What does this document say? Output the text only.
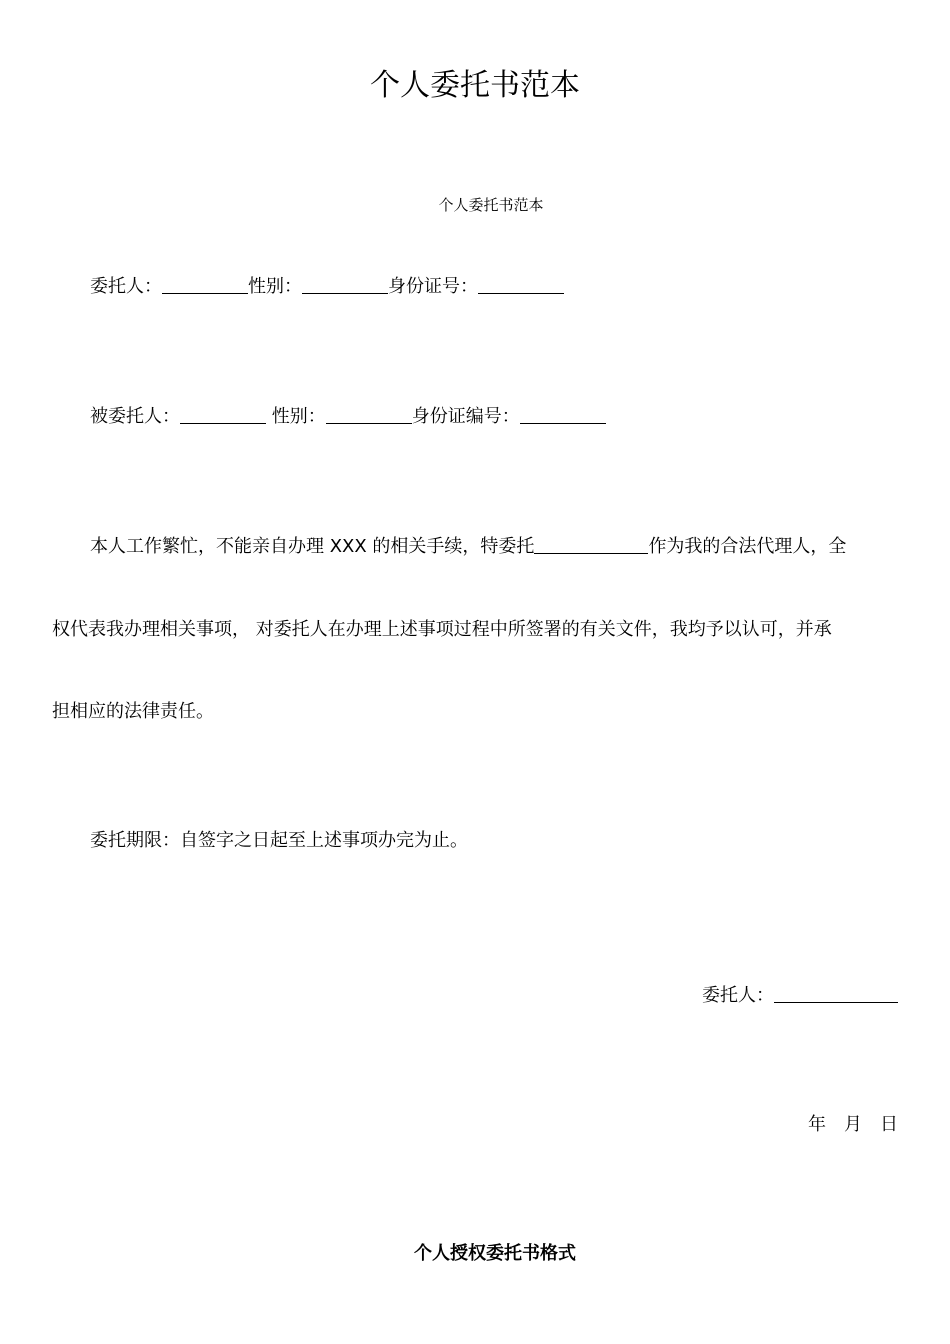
个人委托书范本
个人委托书范本
委托人：	性别：	身份证号：
被委托人：	性别：	身份证编号：
本人工作繁忙，不能亲自办理 XXX 的相关手续，特委托	作为我的合法代理人，全
权代表我办理相关事项， 对委托人在办理上述事项过程中所签署的有关文件，我均予以认可，并承
担相应的法律责任。
委托期限：自签字之日起至上述事项办完为止。
委托人：
年 月 日
个人授权委托书格式
